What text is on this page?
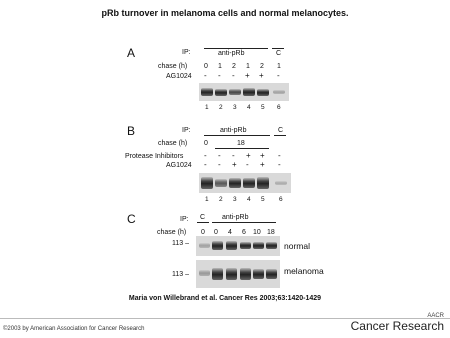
pRb turnover in melanoma cells and normal melanocytes.
A	IP:	anti-pRb	C
chase (h) 0 1 2 1 2 1
AG1024 - - - + + -
1 2 3 4 5 6
B	IP:	anti-pRb	C
chase (h) 0	18
Protease Inhibitors	- - - + + -
AG1024 - - + - + -
1 2 3 4 5 6
C	IP: C anti-pRb
chase (h) 0 0 4 6 10 18
113 –	normal
113 –	melanoma
Maria von Willebrand et al. Cancer Res 2003;63:1420-1429
©2003 by American Association for Cancer Research
AACR
Cancer Research
